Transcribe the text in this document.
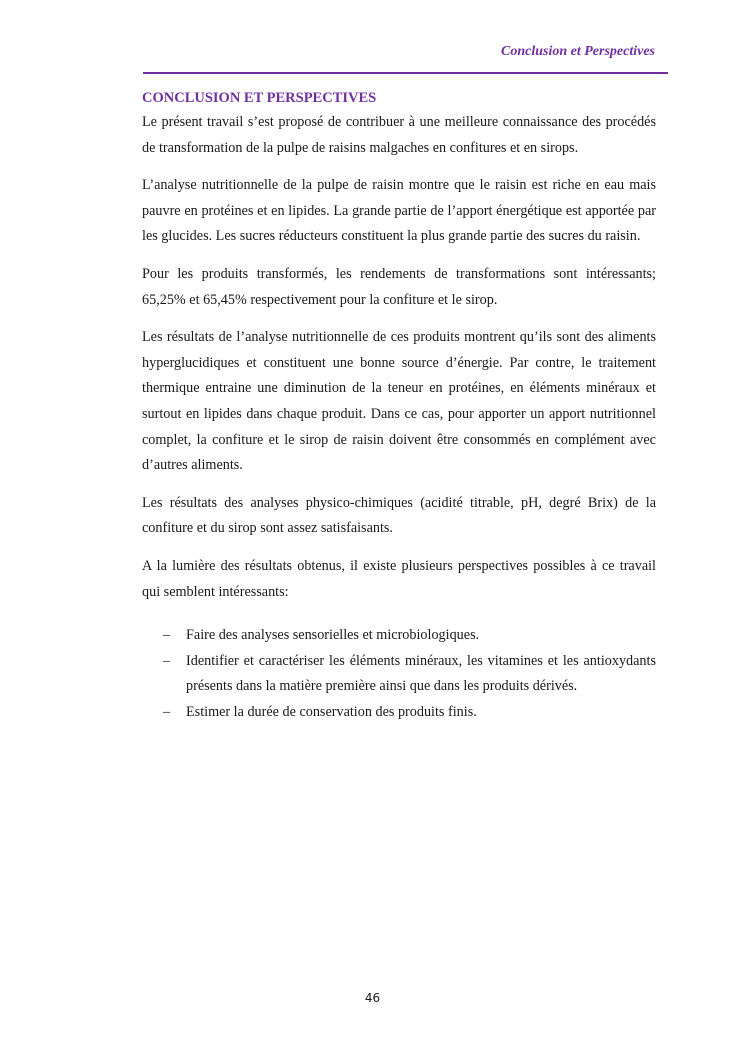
Conclusion et Perspectives
CONCLUSION ET PERSPECTIVES

Le présent travail s’est proposé de contribuer à une meilleure connaissance des procédés de transformation de la pulpe de raisins malgaches en confitures et en sirops.

L’analyse nutritionnelle de la pulpe de raisin montre que le raisin est riche en eau mais pauvre en protéines et en lipides. La grande partie de l’apport énergétique est apportée par les glucides. Les sucres réducteurs constituent la plus grande partie des sucres du raisin.

Pour les produits transformés, les rendements de transformations sont intéressants; 65,25% et 65,45% respectivement pour la confiture et le sirop.

Les résultats de l’analyse nutritionnelle de ces produits montrent qu’ils sont des aliments hyperglucidiques et constituent une bonne source d’énergie. Par contre, le traitement thermique entraine une diminution de la teneur en protéines, en éléments minéraux et surtout en lipides dans chaque produit. Dans ce cas, pour apporter un apport nutritionnel complet, la confiture et le sirop de raisin doivent être consommés en complément avec d’autres aliments.

Les résultats des analyses physico-chimiques (acidité titrable, pH, degré Brix) de la confiture et du sirop sont assez satisfaisants.

A la lumière des résultats obtenus, il existe plusieurs perspectives possibles à ce travail qui semblent intéressants:

– Faire des analyses sensorielles et microbiologiques.
– Identifier et caractériser les éléments minéraux, les vitamines et les antioxydants présents dans la matière première ainsi que dans les produits dérivés.
– Estimer la durée de conservation des produits finis.
46
